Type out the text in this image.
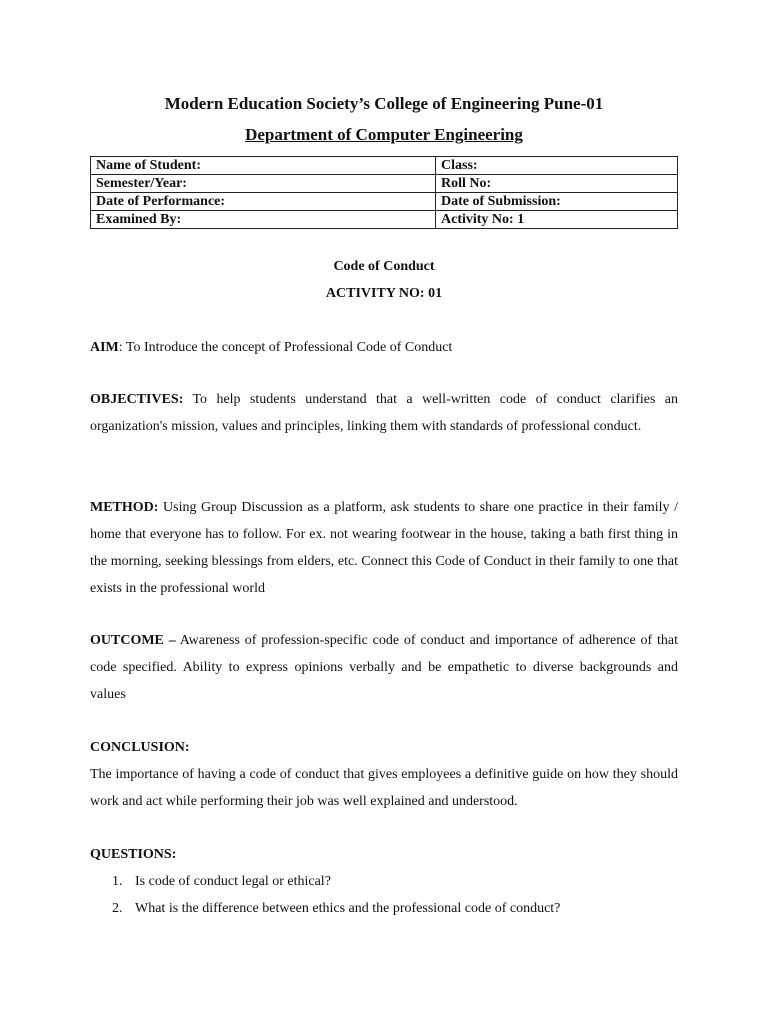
Modern Education Society’s College of Engineering Pune-01
Department of Computer Engineering
Name of Student:	Class:
Semester/Year:	Roll No:
Date of Performance:	Date of Submission:
Examined By:	Activity No: 1
Code of Conduct
ACTIVITY NO: 01
AIM: To Introduce the concept of Professional Code of Conduct
OBJECTIVES: To help students understand that a well-written code of conduct clarifies an organization's mission, values and principles, linking them with standards of professional conduct.
METHOD: Using Group Discussion as a platform, ask students to share one practice in their family / home that everyone has to follow. For ex. not wearing footwear in the house, taking a bath first thing in the morning, seeking blessings from elders, etc. Connect this Code of Conduct in their family to one that exists in the professional world
OUTCOME – Awareness of profession-specific code of conduct and importance of adherence of that code specified. Ability to express opinions verbally and be empathetic to diverse backgrounds and values
CONCLUSION:
The importance of having a code of conduct that gives employees a definitive guide on how they should work and act while performing their job was well explained and understood.
QUESTIONS:
1. Is code of conduct legal or ethical?
2. What is the difference between ethics and the professional code of conduct?
